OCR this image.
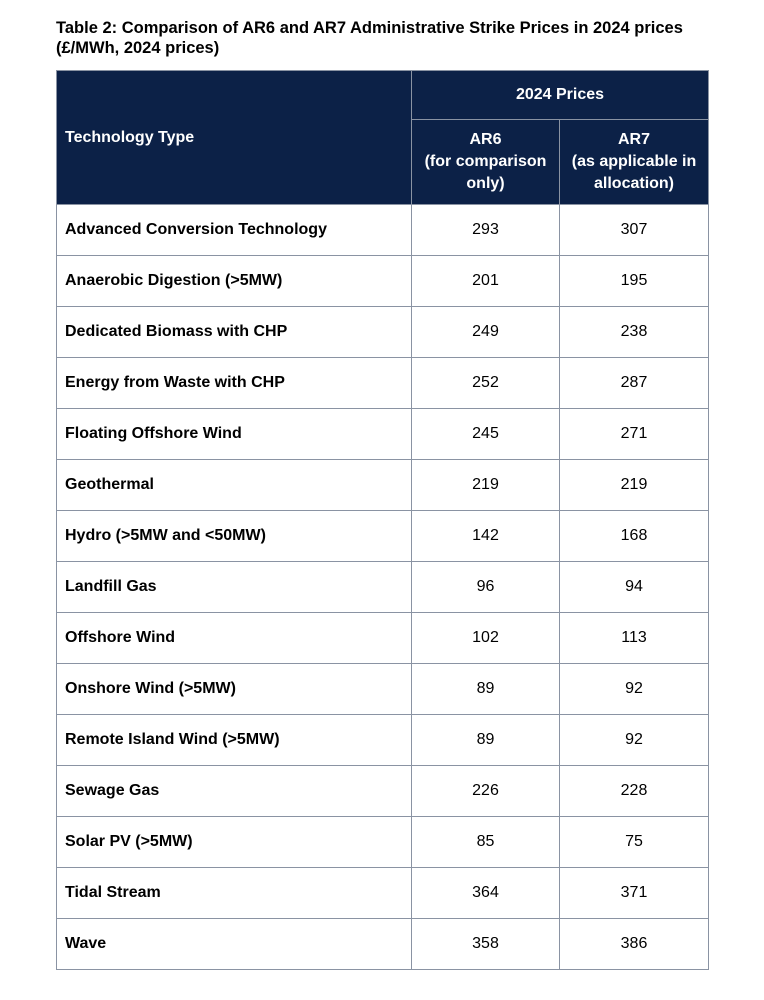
Table 2: Comparison of AR6 and AR7 Administrative Strike Prices in 2024 prices
(£/MWh, 2024 prices)

Technology Type	2024 Prices	

	AR6
(for comparison
only)	AR7
(as applicable in
allocation)

Advanced Conversion Technology	293	307
Anaerobic Digestion (>5MW)	201	195
Dedicated Biomass with CHP	249	238
Energy from Waste with CHP	252	287
Floating Offshore Wind	245	271
Geothermal	219	219
Hydro (>5MW and <50MW)	142	168
Landfill Gas	96	94
Offshore Wind	102	113
Onshore Wind (>5MW)	89	92
Remote Island Wind (>5MW)	89	92
Sewage Gas	226	228
Solar PV (>5MW)	85	75
Tidal Stream	364	371
Wave	358	386
